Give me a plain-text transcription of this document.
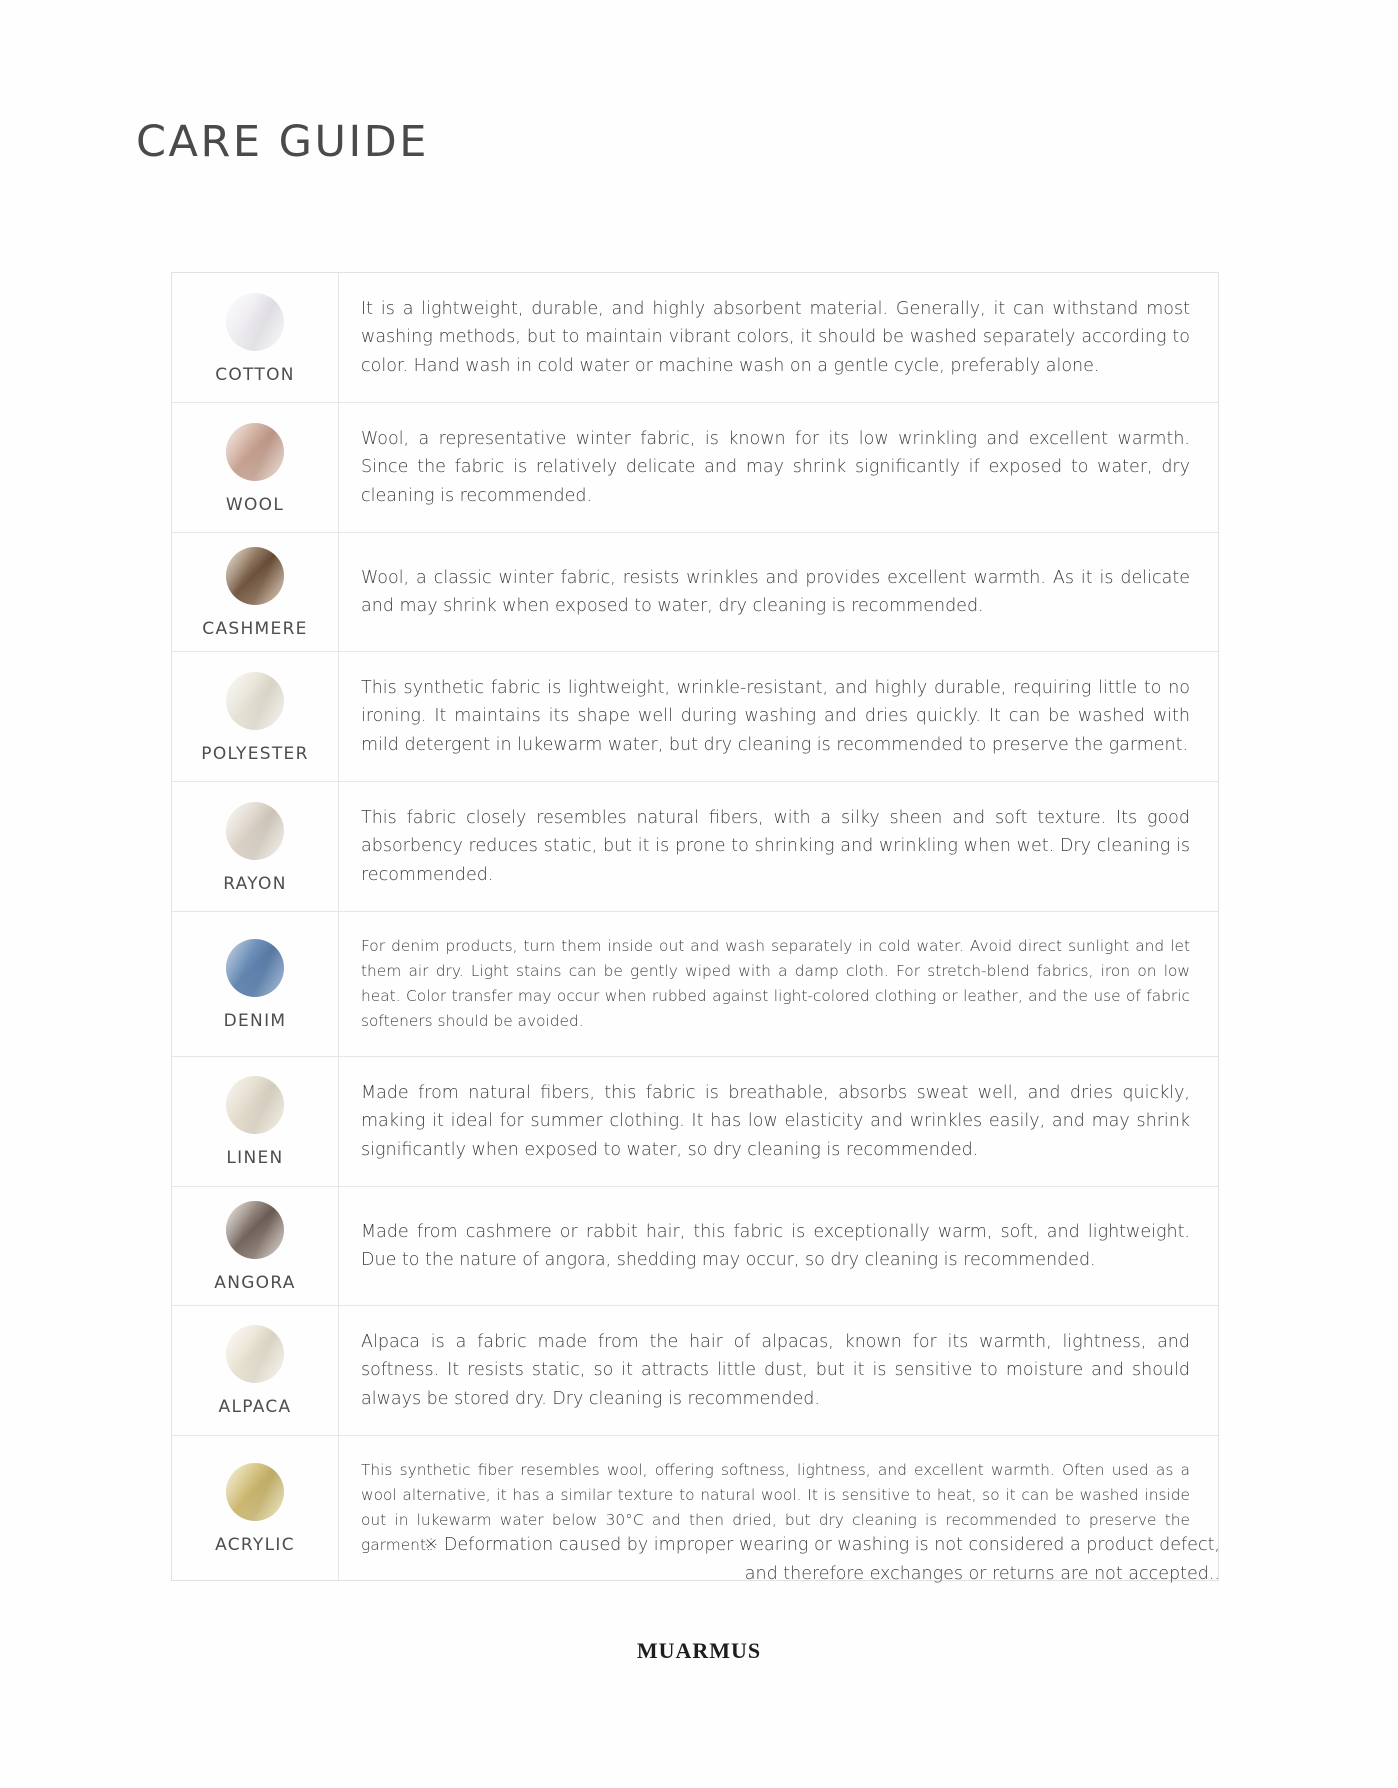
CARE GUIDE
COTTON
It is a lightweight, durable, and highly absorbent material. Generally, it can withstand most washing methods, but to maintain vibrant colors, it should be washed separately according to color. Hand wash in cold water or machine wash on a gentle cycle, preferably alone.
WOOL
Wool, a representative winter fabric, is known for its low wrinkling and excellent warmth. Since the fabric is relatively delicate and may shrink significantly if exposed to water, dry cleaning is recommended.
CASHMERE
Wool, a classic winter fabric, resists wrinkles and provides excellent warmth. As it is delicate and may shrink when exposed to water, dry cleaning is recommended.
POLYESTER
This synthetic fabric is lightweight, wrinkle-resistant, and highly durable, requiring little to no ironing. It maintains its shape well during washing and dries quickly. It can be washed with mild detergent in lukewarm water, but dry cleaning is recommended to preserve the garment.
RAYON
This fabric closely resembles natural fibers, with a silky sheen and soft texture. Its good absorbency reduces static, but it is prone to shrinking and wrinkling when wet. Dry cleaning is recommended.
DENIM
For denim products, turn them inside out and wash separately in cold water. Avoid direct sunlight and let them air dry. Light stains can be gently wiped with a damp cloth. For stretch-blend fabrics, iron on low heat. Color transfer may occur when rubbed against light-colored clothing or leather, and the use of fabric softeners should be avoided.
LINEN
Made from natural fibers, this fabric is breathable, absorbs sweat well, and dries quickly, making it ideal for summer clothing. It has low elasticity and wrinkles easily, and may shrink significantly when exposed to water, so dry cleaning is recommended.
ANGORA
Made from cashmere or rabbit hair, this fabric is exceptionally warm, soft, and lightweight. Due to the nature of angora, shedding may occur, so dry cleaning is recommended.
ALPACA
Alpaca is a fabric made from the hair of alpacas, known for its warmth, lightness, and softness. It resists static, so it attracts little dust, but it is sensitive to moisture and should always be stored dry. Dry cleaning is recommended.
ACRYLIC
This synthetic fiber resembles wool, offering softness, lightness, and excellent warmth. Often used as a wool alternative, it has a similar texture to natural wool. It is sensitive to heat, so it can be washed inside out in lukewarm water below 30°C and then dried, but dry cleaning is recommended to preserve the garment.
※ Deformation caused by improper wearing or washing is not considered a product defect, and therefore exchanges or returns are not accepted..
MUARMUS
